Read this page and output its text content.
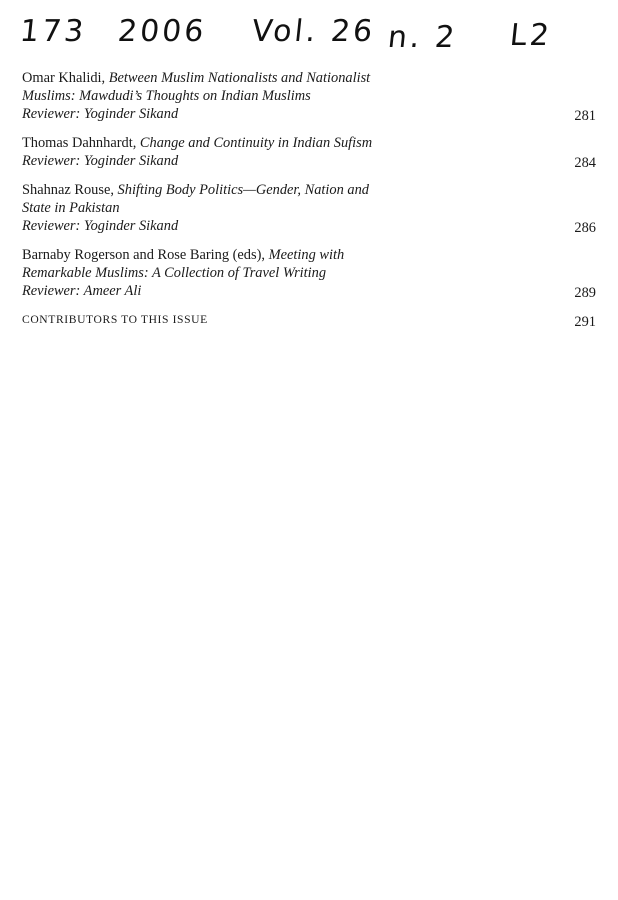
173 2006 Vol. 26 n. 2 L2
Omar Khalidi, Between Muslim Nationalists and Nationalist
Muslims: Mawdudi’s Thoughts on Indian Muslims
Reviewer: Yoginder Sikand	281
Thomas Dahnhardt, Change and Continuity in Indian Sufism
Reviewer: Yoginder Sikand	284
Shahnaz Rouse, Shifting Body Politics—Gender, Nation and
State in Pakistan
Reviewer: Yoginder Sikand	286
Barnaby Rogerson and Rose Baring (eds), Meeting with
Remarkable Muslims: A Collection of Travel Writing
Reviewer: Ameer Ali	289
CONTRIBUTORS TO THIS ISSUE	291
